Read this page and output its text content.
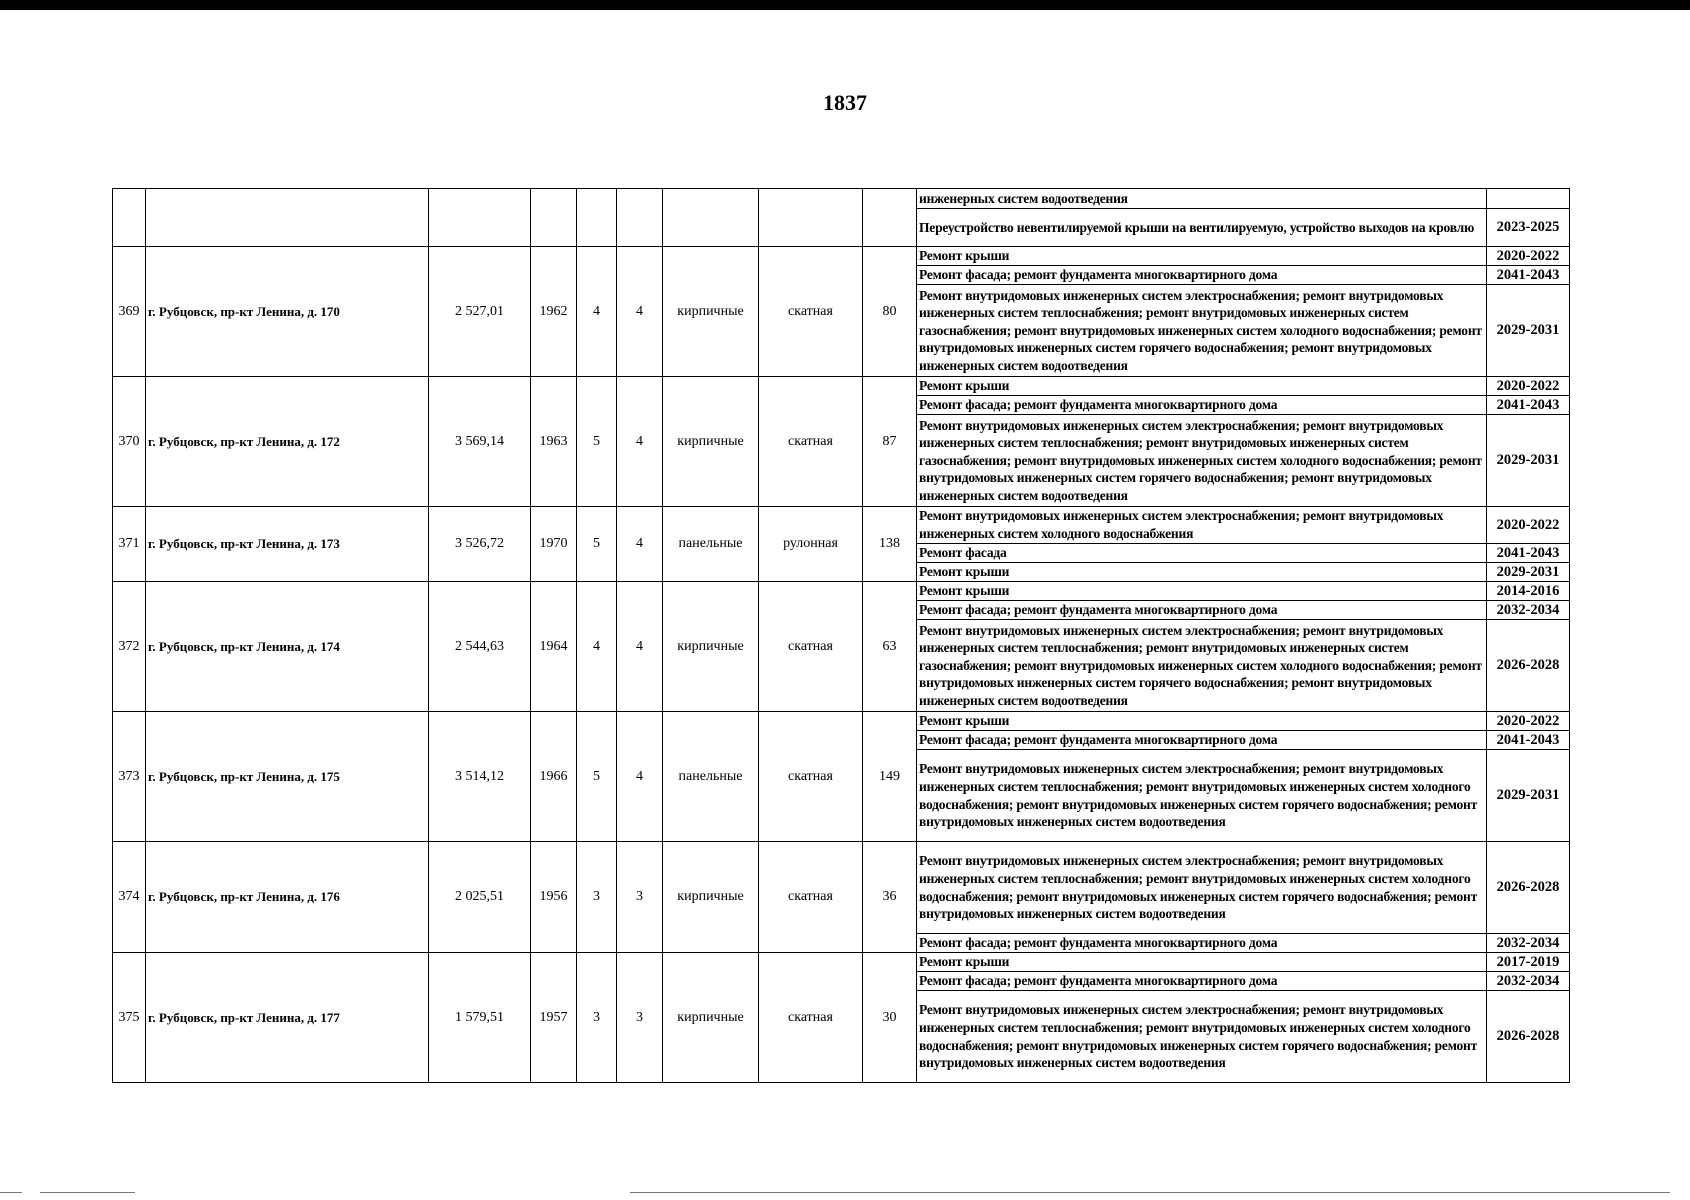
1837
									инженерных систем водоотведения	
									Переустройство невентилируемой крыши на вентилируемую, устройство выходов на кровлю	2023-2025
369	г. Рубцовск, пр-кт Ленина, д. 170	2 527,01	1962	4	4	кирпичные	скатная	80	Ремонт крыши	2020-2022
									Ремонт фасада; ремонт фундамента многоквартирного дома	2041-2043
									Ремонт внутридомовых инженерных систем электроснабжения; ремонт внутридомовых инженерных систем теплоснабжения; ремонт внутридомовых инженерных систем газоснабжения; ремонт внутридомовых инженерных систем холодного водоснабжения; ремонт внутридомовых инженерных систем горячего водоснабжения; ремонт внутридомовых инженерных систем водоотведения	2029-2031
370	г. Рубцовск, пр-кт Ленина, д. 172	3 569,14	1963	5	4	кирпичные	скатная	87	Ремонт крыши	2020-2022
									Ремонт фасада; ремонт фундамента многоквартирного дома	2041-2043
									Ремонт внутридомовых инженерных систем электроснабжения; ремонт внутридомовых инженерных систем теплоснабжения; ремонт внутридомовых инженерных систем газоснабжения; ремонт внутридомовых инженерных систем холодного водоснабжения; ремонт внутридомовых инженерных систем горячего водоснабжения; ремонт внутридомовых инженерных систем водоотведения	2029-2031
371	г. Рубцовск, пр-кт Ленина, д. 173	3 526,72	1970	5	4	панельные	рулонная	138	Ремонт внутридомовых инженерных систем электроснабжения; ремонт внутридомовых инженерных систем холодного водоснабжения	2020-2022
									Ремонт фасада	2041-2043
									Ремонт крыши	2029-2031
372	г. Рубцовск, пр-кт Ленина, д. 174	2 544,63	1964	4	4	кирпичные	скатная	63	Ремонт крыши	2014-2016
									Ремонт фасада; ремонт фундамента многоквартирного дома	2032-2034
									Ремонт внутридомовых инженерных систем электроснабжения; ремонт внутридомовых инженерных систем теплоснабжения; ремонт внутридомовых инженерных систем газоснабжения; ремонт внутридомовых инженерных систем холодного водоснабжения; ремонт внутридомовых инженерных систем горячего водоснабжения; ремонт внутридомовых инженерных систем водоотведения	2026-2028
373	г. Рубцовск, пр-кт Ленина, д. 175	3 514,12	1966	5	4	панельные	скатная	149	Ремонт крыши	2020-2022
									Ремонт фасада; ремонт фундамента многоквартирного дома	2041-2043
									Ремонт внутридомовых инженерных систем электроснабжения; ремонт внутридомовых инженерных систем теплоснабжения; ремонт внутридомовых инженерных систем холодного водоснабжения; ремонт внутридомовых инженерных систем горячего водоснабжения; ремонт внутридомовых инженерных систем водоотведения	2029-2031
374	г. Рубцовск, пр-кт Ленина, д. 176	2 025,51	1956	3	3	кирпичные	скатная	36	Ремонт внутридомовых инженерных систем электроснабжения; ремонт внутридомовых инженерных систем теплоснабжения; ремонт внутридомовых инженерных систем холодного водоснабжения; ремонт внутридомовых инженерных систем горячего водоснабжения; ремонт внутридомовых инженерных систем водоотведения	2026-2028
									Ремонт фасада; ремонт фундамента многоквартирного дома	2032-2034
375	г. Рубцовск, пр-кт Ленина, д. 177	1 579,51	1957	3	3	кирпичные	скатная	30	Ремонт крыши	2017-2019
									Ремонт фасада; ремонт фундамента многоквартирного дома	2032-2034
									Ремонт внутридомовых инженерных систем электроснабжения; ремонт внутридомовых инженерных систем теплоснабжения; ремонт внутридомовых инженерных систем холодного водоснабжения; ремонт внутридомовых инженерных систем горячего водоснабжения; ремонт внутридомовых инженерных систем водоотведения	2026-2028
